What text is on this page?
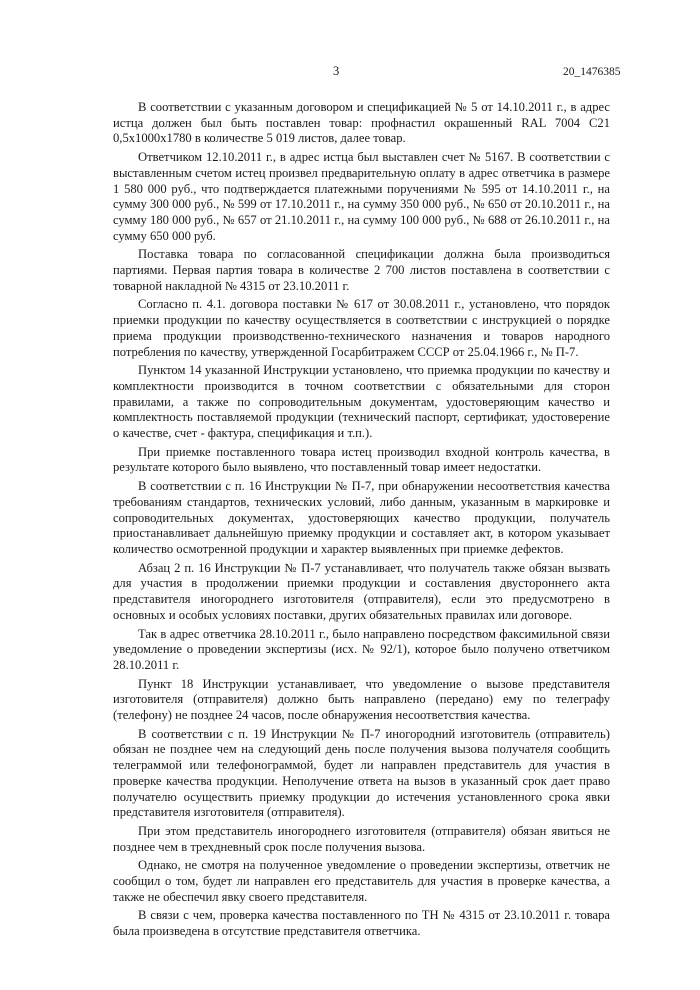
3	20_1476385

В соответствии с указанным договором и спецификацией № 5 от 14.10.2011 г., в адрес истца должен был быть поставлен товар: профнастил окрашенный RAL 7004 С21 0,5х1000х1780 в количестве 5 019 листов, далее товар.

Ответчиком 12.10.2011 г., в адрес истца был выставлен счет № 5167. В соответствии с выставленным счетом истец произвел предварительную оплату в адрес ответчика в размере 1 580 000 руб., что подтверждается платежными поручениями № 595 от 14.10.2011 г., на сумму 300 000 руб., № 599 от 17.10.2011 г., на сумму 350 000 руб., № 650 от 20.10.2011 г., на сумму 180 000 руб., № 657 от 21.10.2011 г., на сумму 100 000 руб., № 688 от 26.10.2011 г., на сумму 650 000 руб.

Поставка товара по согласованной спецификации должна была производиться партиями. Первая партия товара в количестве 2 700 листов поставлена в соответствии с товарной накладной № 4315 от 23.10.2011 г.

Согласно п. 4.1. договора поставки № 617 от 30.08.2011 г., установлено, что порядок приемки продукции по качеству осуществляется в соответствии с инструкцией о порядке приема продукции производственно-технического назначения и товаров народного потребления по качеству, утвержденной Госарбитражем СССР от 25.04.1966 г., № П-7.

Пунктом 14 указанной Инструкции установлено, что приемка продукции по качеству и комплектности производится в точном соответствии с обязательными для сторон правилами, а также по сопроводительным документам, удостоверяющим качество и комплектность поставляемой продукции (технический паспорт, сертификат, удостоверение о качестве, счет - фактура, спецификация и т.п.).

При приемке поставленного товара истец производил входной контроль качества, в результате которого было выявлено, что поставленный товар имеет недостатки.

В соответствии с п. 16 Инструкции № П-7, при обнаружении несоответствия качества требованиям стандартов, технических условий, либо данным, указанным в маркировке и сопроводительных документах, удостоверяющих качество продукции, получатель приостанавливает дальнейшую приемку продукции и составляет акт, в котором указывает количество осмотренной продукции и характер выявленных при приемке дефектов.

Абзац 2 п. 16 Инструкции № П-7 устанавливает, что получатель также обязан вызвать для участия в продолжении приемки продукции и составления двустороннего акта представителя иногороднего изготовителя (отправителя), если это предусмотрено в основных и особых условиях поставки, других обязательных правилах или договоре.

Так в адрес ответчика 28.10.2011 г., было направлено посредством факсимильной связи уведомление о проведении экспертизы (исх. № 92/1), которое было получено ответчиком 28.10.2011 г.

Пункт 18 Инструкции устанавливает, что уведомление о вызове представителя изготовителя (отправителя) должно быть направлено (передано) ему по телеграфу (телефону) не позднее 24 часов, после обнаружения несоответствия качества.

В соответствии с п. 19 Инструкции № П-7 иногородний изготовитель (отправитель) обязан не позднее чем на следующий день после получения вызова получателя сообщить телеграммой или телефонограммой, будет ли направлен представитель для участия в проверке качества продукции. Неполучение ответа на вызов в указанный срок дает право получателю осуществить приемку продукции до истечения установленного срока явки представителя изготовителя (отправителя).

При этом представитель иногороднего изготовителя (отправителя) обязан явиться не позднее чем в трехдневный срок после получения вызова.

Однако, не смотря на полученное уведомление о проведении экспертизы, ответчик не сообщил о том, будет ли направлен его представитель для участия в проверке качества, а также не обеспечил явку своего представителя.

В связи с чем, проверка качества поставленного по ТН № 4315 от 23.10.2011 г. товара была произведена в отсутствие представителя ответчика.
